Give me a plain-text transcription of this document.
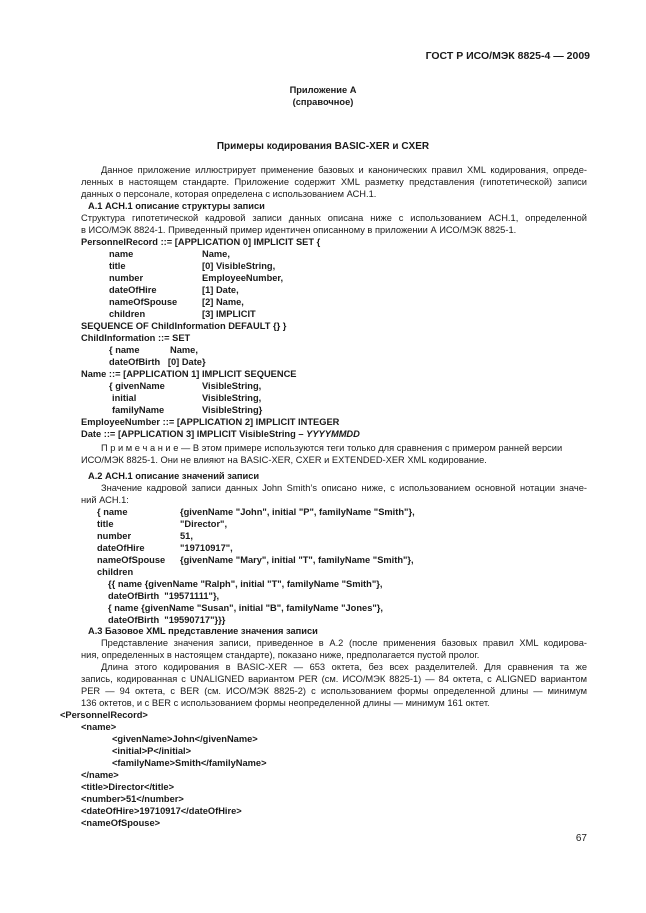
ГОСТ Р ИСО/МЭК 8825-4 — 2009
Приложение А
(справочное)
Примеры кодирования BASIC-XER и CXER
Данное приложение иллюстрирует применение базовых и канонических правил XML кодирования, опреде-
ленных в настоящем стандарте. Приложение содержит XML разметку представления (гипотетической) записи
данных о персонале, которая определена с использованием АСН.1.
А.1 АСН.1 описание структуры записи
Структура гипотетической кадровой записи данных описана ниже с использованием АСН.1, определенной
в ИСО/МЭК 8824-1. Приведенный пример идентичен описанному в приложении А ИСО/МЭК 8825-1.
PersonnelRecord ::= [APPLICATION 0] IMPLICIT SET {
name	Name,
title	[0] VisibleString,
number	EmployeeNumber,
dateOfHire	[1] Date,
nameOfSpouse	[2] Name,
children	[3] IMPLICIT
SEQUENCE OF ChildInformation DEFAULT {} }
ChildInformation ::= SET
{ name	Name,
dateOfBirth   [0] Date}
Name ::= [APPLICATION 1] IMPLICIT SEQUENCE
{ givenName	VisibleString,
initial	VisibleString,
familyName	VisibleString}
EmployeeNumber ::= [APPLICATION 2] IMPLICIT INTEGER
Date ::= [APPLICATION 3] IMPLICIT VisibleString – YYYYMMDD
П р и м е ч а н и е — В этом примере используются теги только для сравнения с примером ранней версии
ИСО/МЭК 8825-1. Они не влияют на BASIC-XER, CXER и EXTENDED-XER XML кодирование.
А.2 АСН.1 описание значений записи
Значение кадровой записи данных John Smith’s описано ниже, с использованием основной нотации значе-
ний АСН.1:
{ name	{givenName "John", initial "P", familyName "Smith"},
title	"Director",
number	51,
dateOfHire	"19710917",
nameOfSpouse {givenName "Mary", initial "T", familyName "Smith"},
children
{{ name {givenName "Ralph", initial "T", familyName "Smith"},
dateOfBirth  "19571111"},
{ name {givenName "Susan", initial "B", familyName "Jones"},
dateOfBirth  "19590717"}}}
А.3 Базовое XML представление значения записи
Представление значения записи, приведенное в А.2 (после применения базовых правил XML кодирова-
ния, определенных в настоящем стандарте), показано ниже, предполагается пустой пролог.
Длина этого кодирования в BASIC-XER — 653 октета, без всех разделителей. Для сравнения та же
запись, кодированная с UNALIGNED вариантом PER (см. ИСО/МЭК 8825-1) — 84 октета, с ALIGNED вариантом
PER — 94 октета, с BER (см. ИСО/МЭК 8825-2) с использованием формы определенной длины — минимум
136 октетов, и с BER с использованием формы неопределенной длины — минимум 161 октет.
<PersonnelRecord>
<name>
<givenName>John</givenName>
<initial>P</initial>
<familyName>Smith</familyName>
</name>
<title>Director</title>
<number>51</number>
<dateOfHire>19710917</dateOfHire>
<nameOfSpouse>
67
